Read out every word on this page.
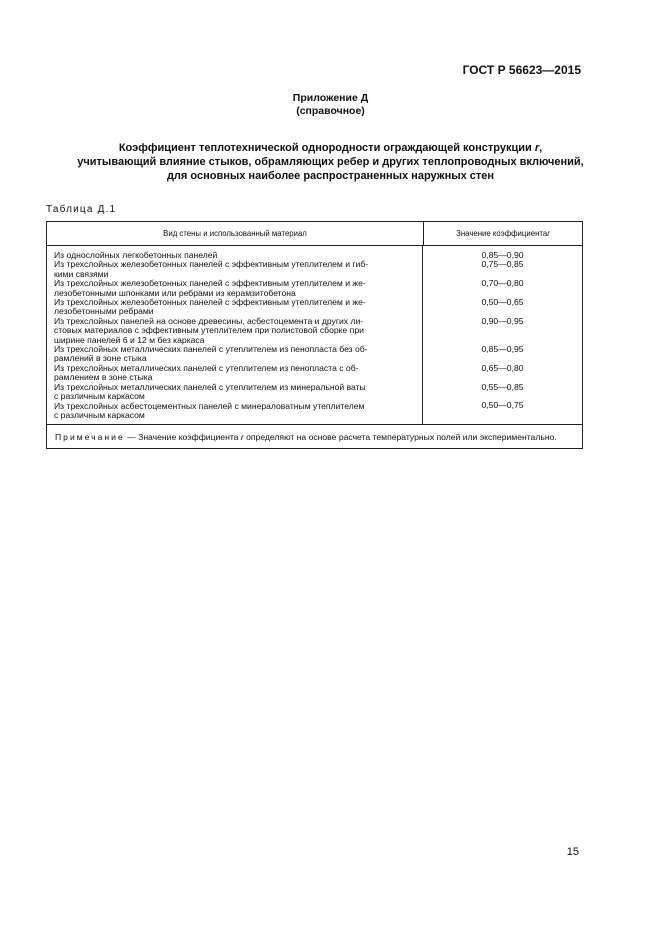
ГОСТ Р 56623—2015
Приложение Д
(справочное)
Коэффициент теплотехнической однородности ограждающей конструкции r,
учитывающий влияние стыков, обрамляющих ребер и других теплопроводных включений,
для основных наиболее распространенных наружных стен
Таблица Д.1
Вид стены и использованный материал	Значение коэффициента r
Из однослойных легкобетонных панелей
Из трехслойных железобетонных панелей с эффективным утеплителем и гиб-
кими связями
Из трехслойных железобетонных панелей с эффективным утеплителем и же-
лезобетонными шпонками или ребрами из керамзитобетона
Из трехслойных железобетонных панелей с эффективным утеплителем и же-
лезобетонными ребрами
Из трехслойных панелей на основе древесины, асбестоцемента и других ли-
стовых материалов с эффективным утеплителем при полистовой сборке при
ширине панелей 6 и 12 м без каркаса
Из трехслойных металлических панелей с утеплителем из пенопласта без об-
рамлений в зоне стыка
Из трехслойных металлических панелей с утеплителем из пенопласта с об-
рамлением в зоне стыка
Из трехслойных металлических панелей с утеплителем из минеральной ваты
с различным каркасом
Из трехслойных асбестоцементных панелей с минераловатным утеплителем
с различным каркасом
0,85—0,90
0,75—0,85
0,70—0,80
0,50—0,65
0,90—0,95
0,85—0,95
0,65—0,80
0,55—0,85
0,50—0,75
Примечание — Значение коэффициента r определяют на основе расчета температурных полей или экспериментально.
15
